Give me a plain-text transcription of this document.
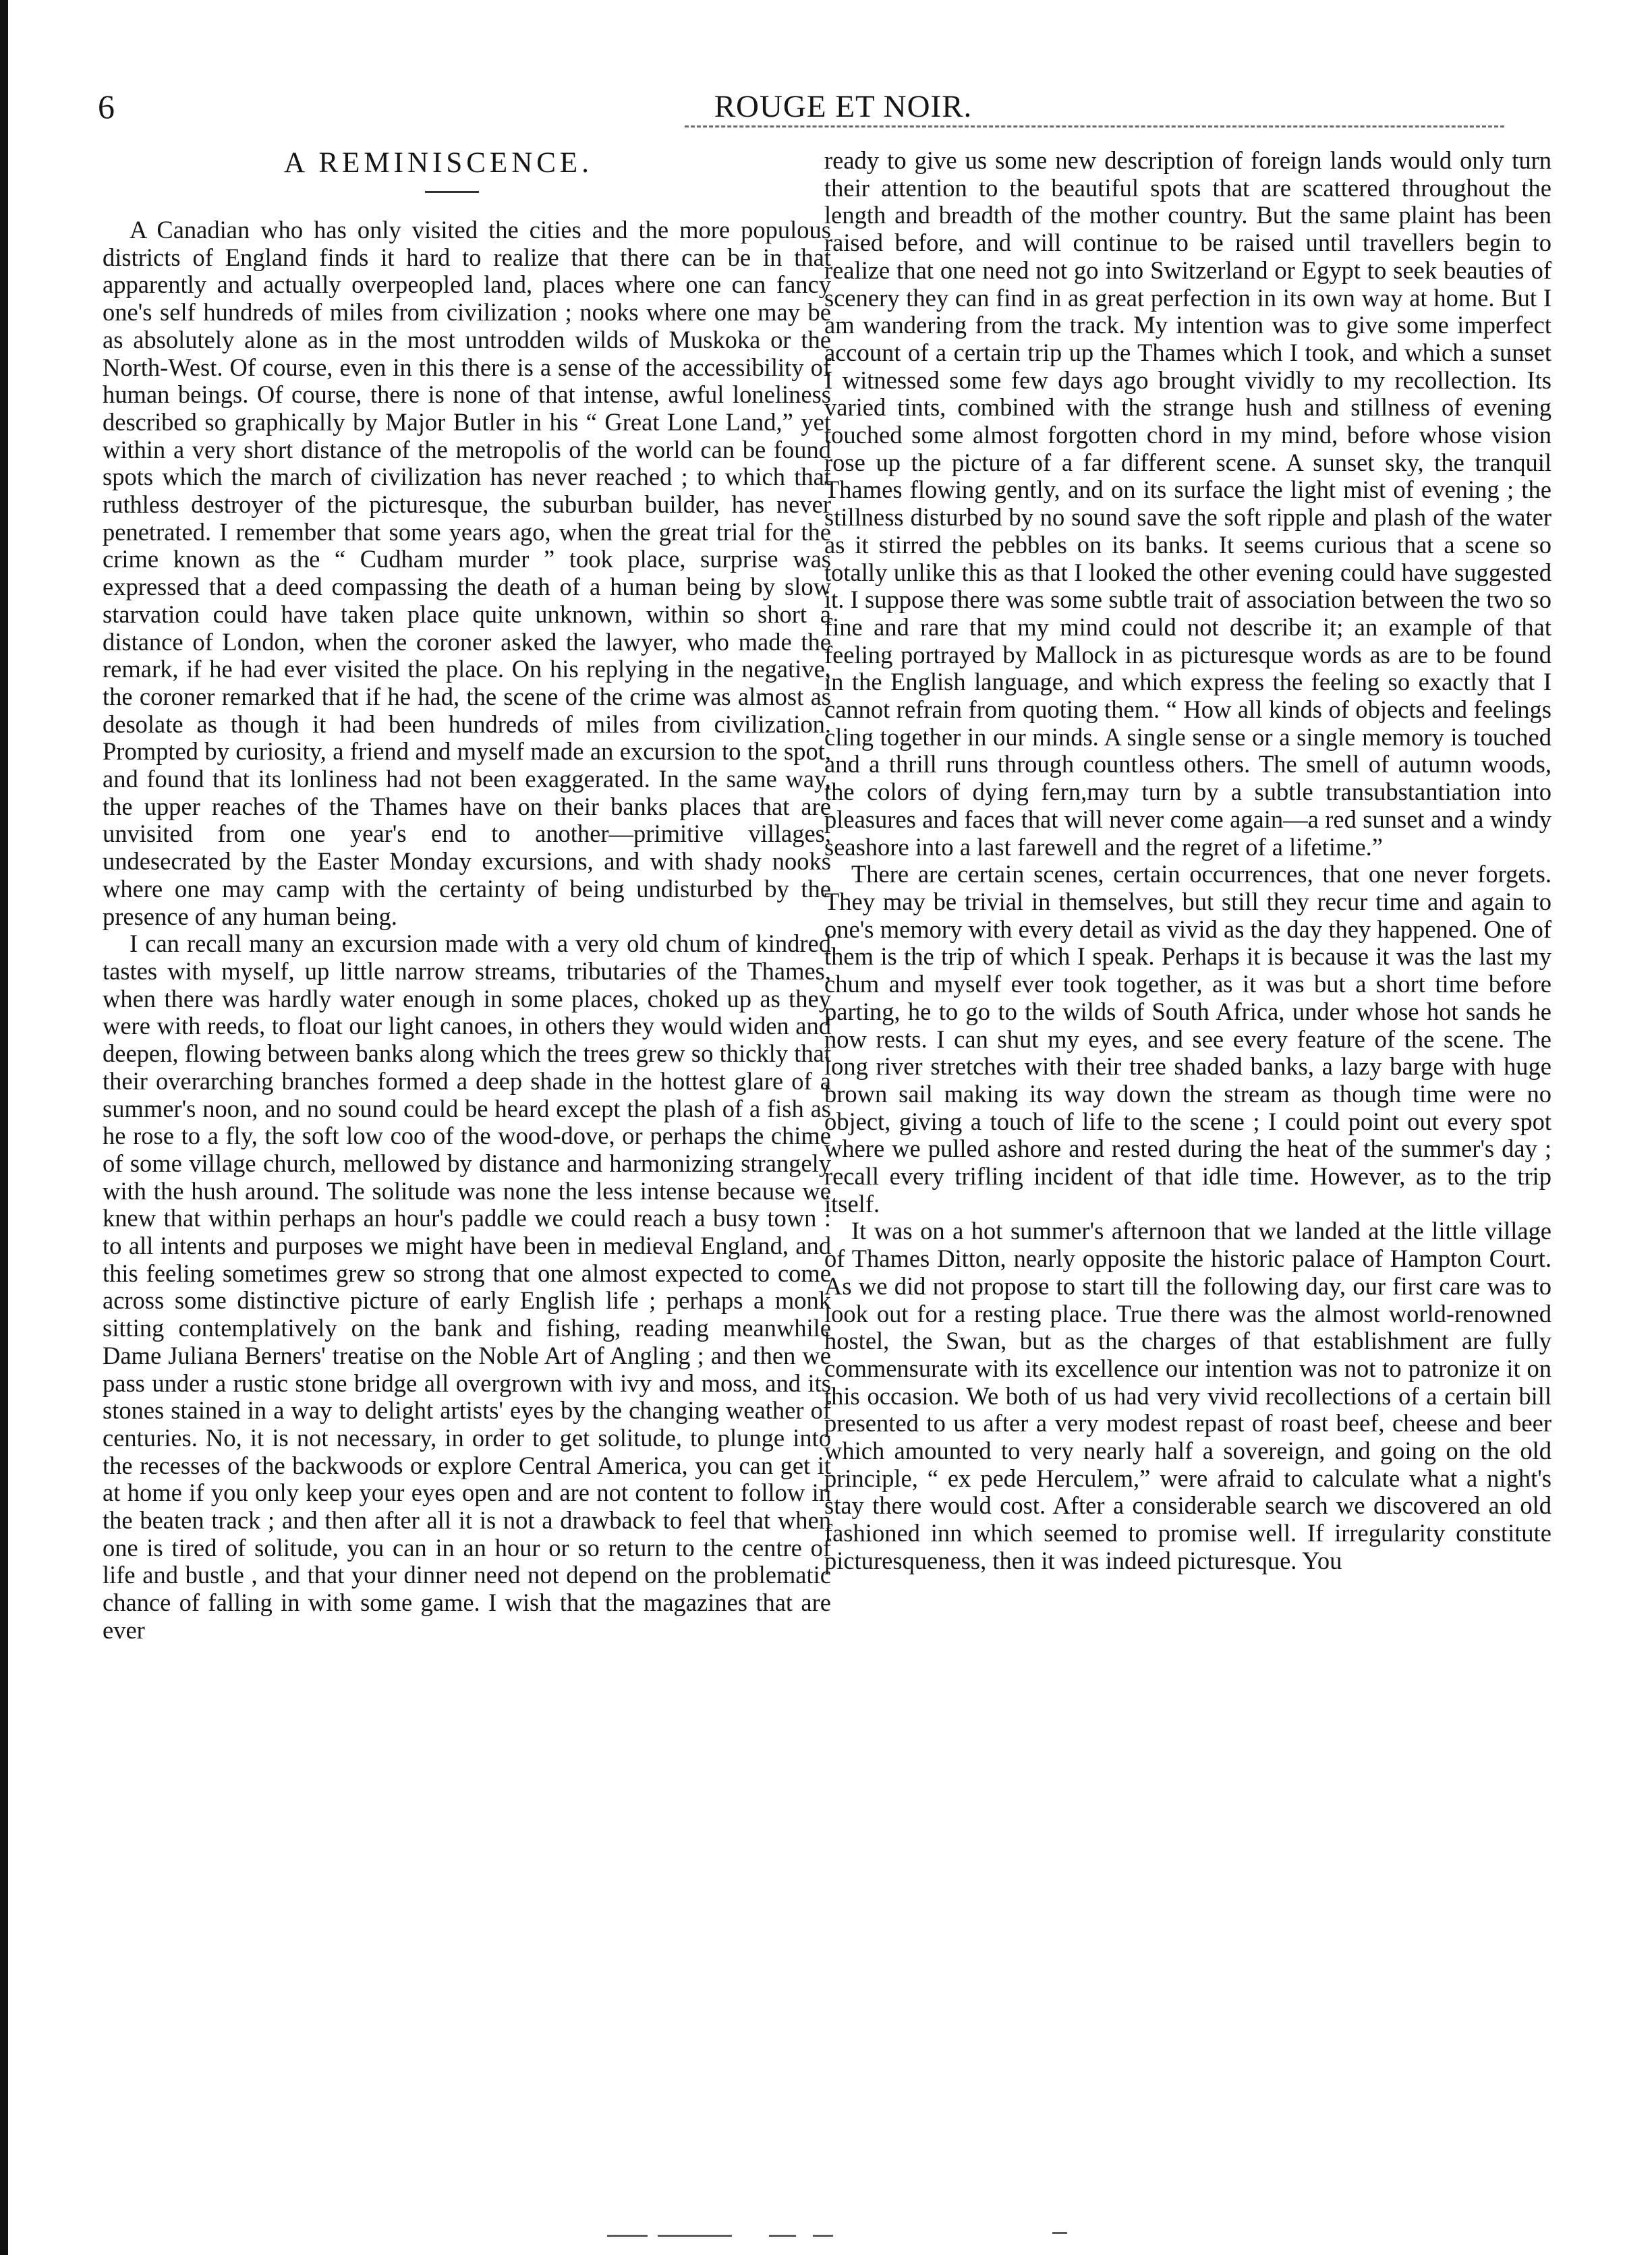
6	ROUGE ET NOIR.
A REMINISCENCE.

A Canadian who has only visited the cities and the more populous districts of England finds it hard to realize that there can be in that apparently and actually overpeopled land, places where one can fancy one's self hundreds of miles from civilization ; nooks where one may be as absolutely alone as in the most untrodden wilds of Muskoka or the North-West. Of course, even in this there is a sense of the accessibility of human beings. Of course, there is none of that intense, awful loneliness described so graphically by Major Butler in his “ Great Lone Land,” yet within a very short distance of the metropolis of the world can be found spots which the march of civilization has never reached ; to which that ruthless destroyer of the picturesque, the suburban builder, has never penetrated. I remember that some years ago, when the great trial for the crime known as the “ Cudham murder ” took place, surprise was expressed that a deed compassing the death of a human being by slow starvation could have taken place quite unknown, within so short a distance of London, when the coroner asked the lawyer, who made the remark, if he had ever visited the place. On his replying in the negative, the coroner remarked that if he had, the scene of the crime was almost as desolate as though it had been hundreds of miles from civilization. Prompted by curiosity, a friend and myself made an excursion to the spot, and found that its lonliness had not been exaggerated. In the same way, the upper reaches of the Thames have on their banks places that are unvisited from one year's end to another—primitive villages, undesecrated by the Easter Monday excursions, and with shady nooks where one may camp with the certainty of being undisturbed by the presence of any human being.

I can recall many an excursion made with a very old chum of kindred tastes with myself, up little narrow streams, tributaries of the Thames, when there was hardly water enough in some places, choked up as they were with reeds, to float our light canoes, in others they would widen and deepen, flowing between banks along which the trees grew so thickly that their overarching branches formed a deep shade in the hottest glare of a summer's noon, and no sound could be heard except the plash of a fish as he rose to a fly, the soft low coo of the wood-dove, or perhaps the chime of some village church, mellowed by distance and harmonizing strangely with the hush around. The solitude was none the less intense because we knew that within perhaps an hour's paddle we could reach a busy town : to all intents and purposes we might have been in medieval England, and this feeling sometimes grew so strong that one almost expected to come across some distinctive picture of early English life ; perhaps a monk sitting contemplatively on the bank and fishing, reading meanwhile Dame Juliana Berners' treatise on the Noble Art of Angling ; and then we pass under a rustic stone bridge all overgrown with ivy and moss, and its stones stained in a way to delight artists' eyes by the changing weather of centuries. No, it is not necessary, in order to get solitude, to plunge into the recesses of the backwoods or explore Central America, you can get it at home if you only keep your eyes open and are not content to follow in the beaten track ; and then after all it is not a drawback to feel that when one is tired of solitude, you can in an hour or so return to the centre of life and bustle , and that your dinner need not depend on the problematic chance of falling in with some game. I wish that the magazines that are ever

ready to give us some new description of foreign lands would only turn their attention to the beautiful spots that are scattered throughout the length and breadth of the mother country. But the same plaint has been raised before, and will continue to be raised until travellers begin to realize that one need not go into Switzerland or Egypt to seek beauties of scenery they can find in as great perfection in its own way at home. But I am wandering from the track. My intention was to give some imperfect account of a certain trip up the Thames which I took, and which a sunset I witnessed some few days ago brought vividly to my recollection. Its varied tints, combined with the strange hush and stillness of evening touched some almost forgotten chord in my mind, before whose vision rose up the picture of a far different scene. A sunset sky, the tranquil Thames flowing gently, and on its surface the light mist of evening ; the stillness disturbed by no sound save the soft ripple and plash of the water as it stirred the pebbles on its banks. It seems curious that a scene so totally unlike this as that I looked the other evening could have suggested it. I suppose there was some subtle trait of association between the two so fine and rare that my mind could not describe it; an example of that feeling portrayed by Mallock in as picturesque words as are to be found in the English language, and which express the feeling so exactly that I cannot refrain from quoting them. “ How all kinds of objects and feelings cling together in our minds. A single sense or a single memory is touched and a thrill runs through countless others. The smell of autumn woods, the colors of dying fern,may turn by a subtle transubstantiation into pleasures and faces that will never come again—a red sunset and a windy seashore into a last farewell and the regret of a lifetime.”

There are certain scenes, certain occurrences, that one never forgets. They may be trivial in themselves, but still they recur time and again to one's memory with every detail as vivid as the day they happened. One of them is the trip of which I speak. Perhaps it is because it was the last my chum and myself ever took together, as it was but a short time before parting, he to go to the wilds of South Africa, under whose hot sands he now rests. I can shut my eyes, and see every feature of the scene. The long river stretches with their tree shaded banks, a lazy barge with huge brown sail making its way down the stream as though time were no object, giving a touch of life to the scene ; I could point out every spot where we pulled ashore and rested during the heat of the summer's day ; recall every trifling incident of that idle time. However, as to the trip itself.

It was on a hot summer's afternoon that we landed at the little village of Thames Ditton, nearly opposite the historic palace of Hampton Court. As we did not propose to start till the following day, our first care was to look out for a resting place. True there was the almost world-renowned hostel, the Swan, but as the charges of that establishment are fully commensurate with its excellence our intention was not to patronize it on this occasion. We both of us had very vivid recollections of a certain bill presented to us after a very modest repast of roast beef, cheese and beer which amounted to very nearly half a sovereign, and going on the old principle, “ ex pede Herculem,” were afraid to calculate what a night's stay there would cost. After a considerable search we discovered an old fashioned inn which seemed to promise well. If irregularity constitute picturesqueness, then it was indeed picturesque. You
